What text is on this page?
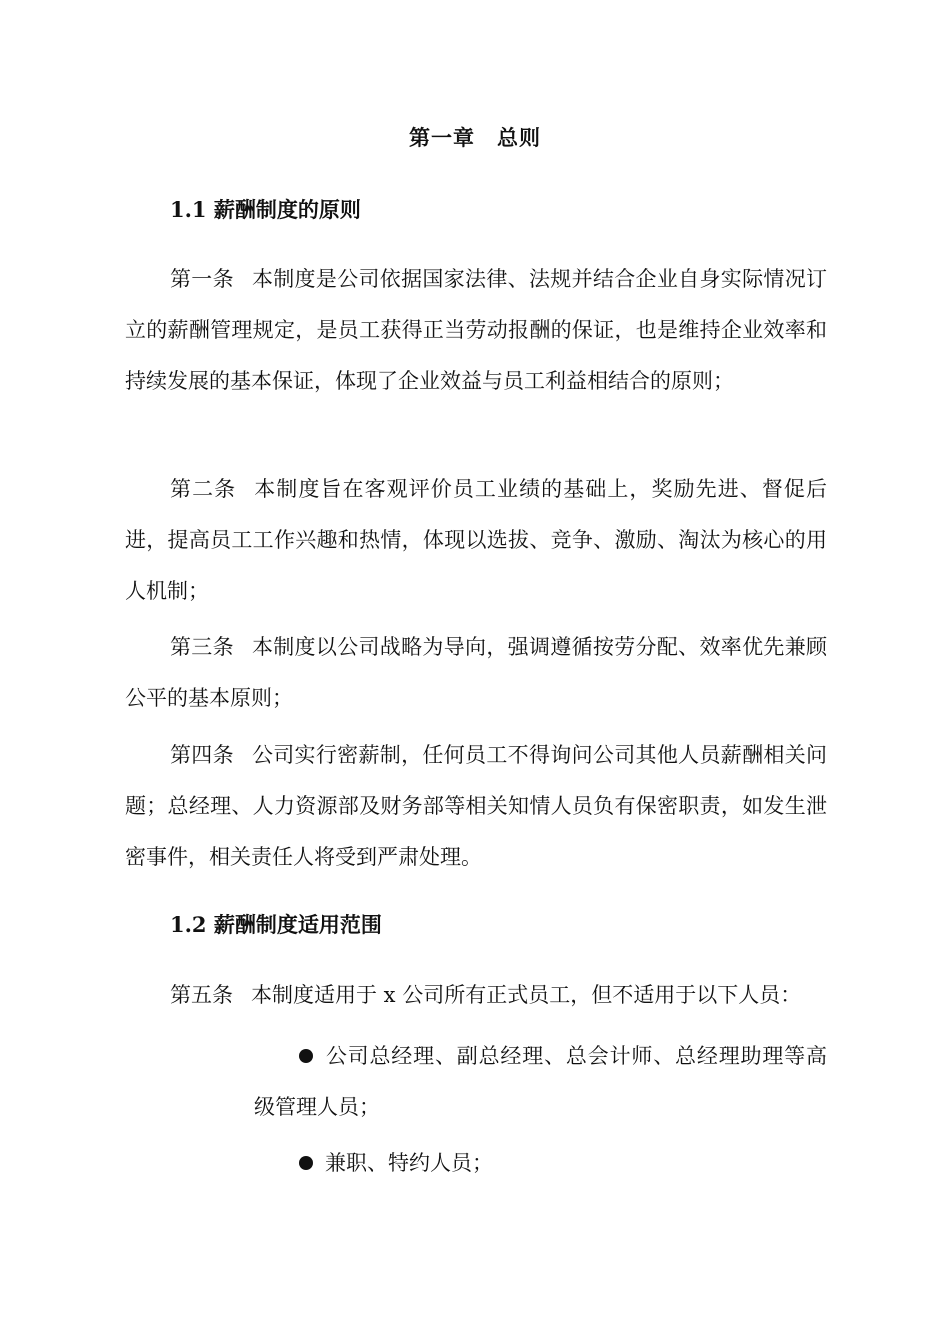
第一章　总则
1.1 薪酬制度的原则

第一条 本制度是公司依据国家法律、法规并结合企业自身实际情况订立的薪酬管理规定，是员工获得正当劳动报酬的保证，也是维持企业效率和持续发展的基本保证，体现了企业效益与员工利益相结合的原则；

第二条 本制度旨在客观评价员工业绩的基础上，奖励先进、督促后进，提高员工工作兴趣和热情，体现以选拔、竞争、激励、淘汰为核心的用人机制；

第三条 本制度以公司战略为导向，强调遵循按劳分配、效率优先兼顾公平的基本原则；

第四条 公司实行密薪制，任何员工不得询问公司其他人员薪酬相关问题；总经理、人力资源部及财务部等相关知情人员负有保密职责，如发生泄密事件，相关责任人将受到严肃处理。

1.2 薪酬制度适用范围

第五条 本制度适用于 x 公司所有正式员工，但不适用于以下人员：

公司总经理、副总经理、总会计师、总经理助理等高级管理人员；

兼职、特约人员；
